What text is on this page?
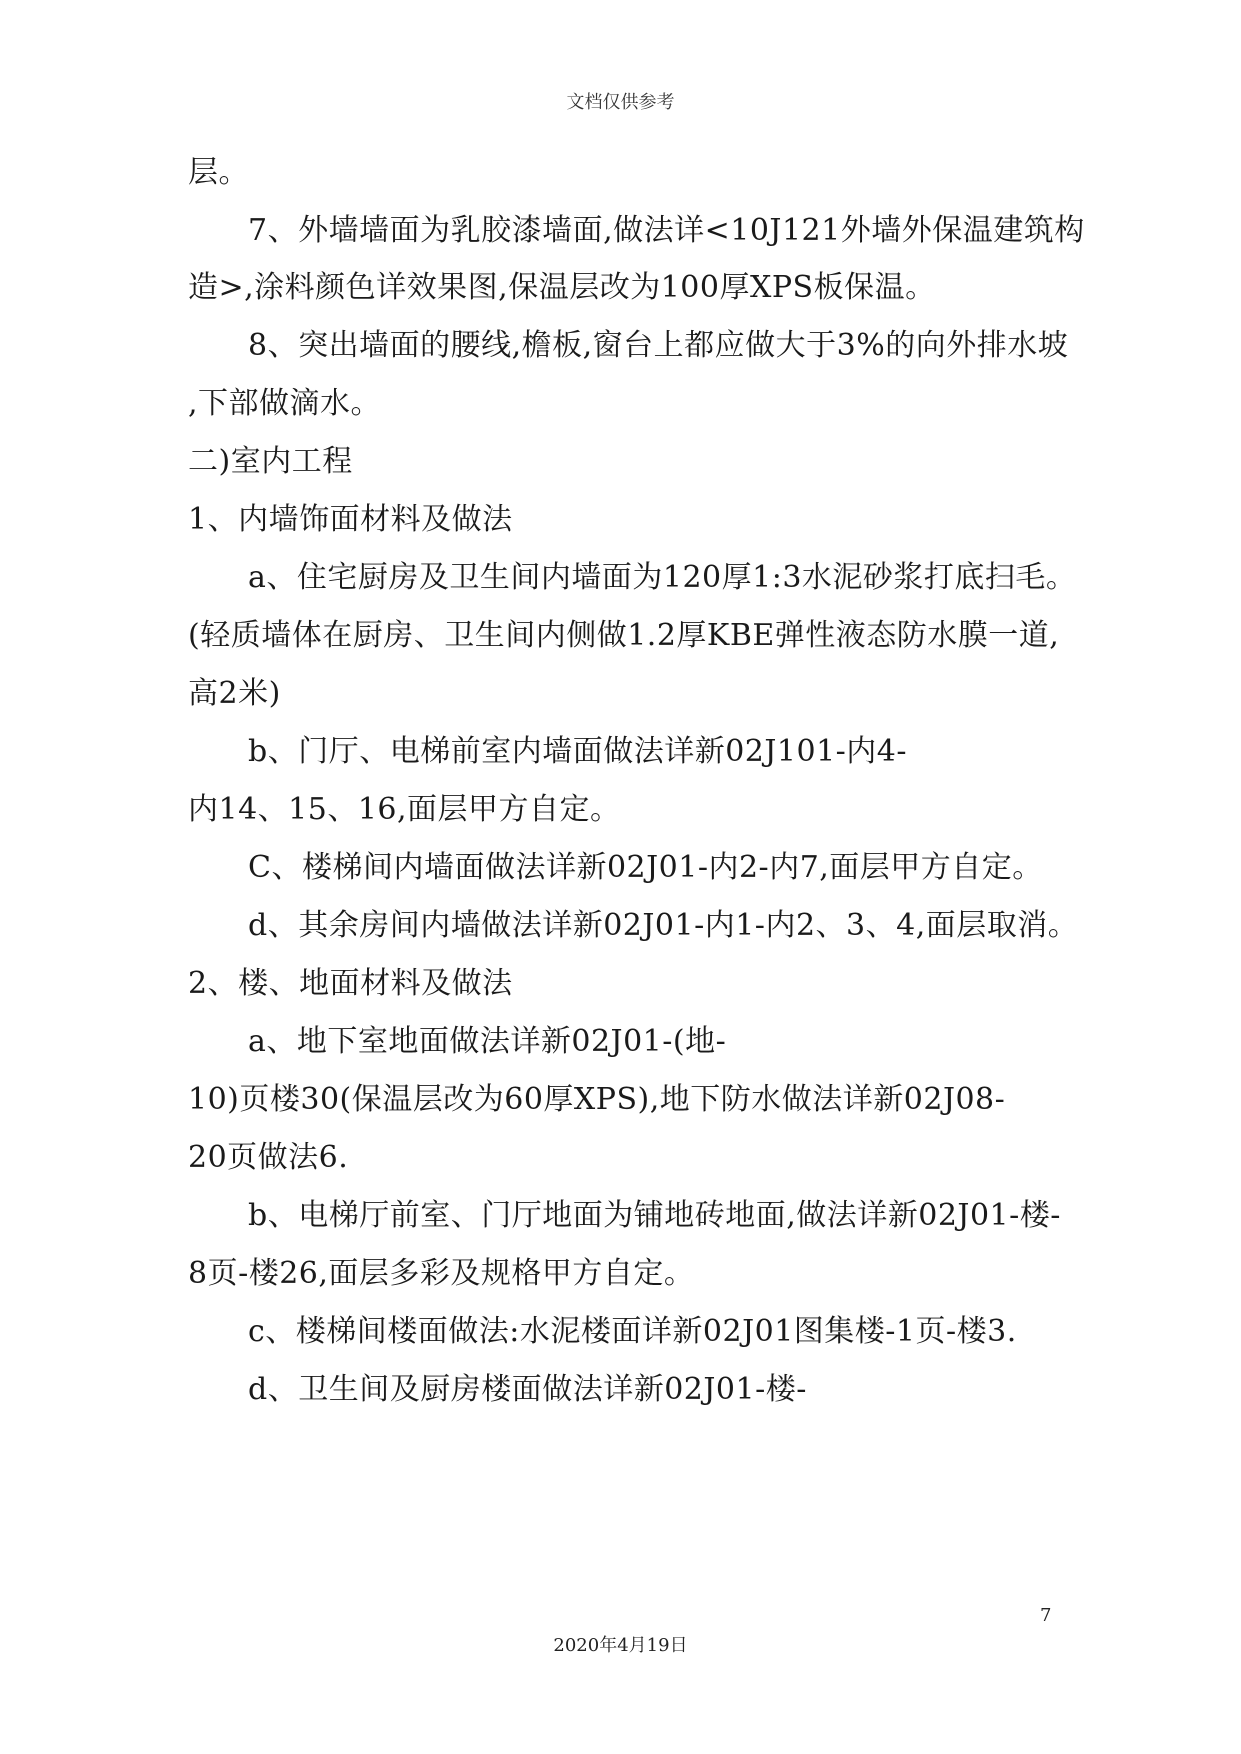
文档仅供参考
层。
7、外墙墙面为乳胶漆墙面,做法详<10J121外墙外保温建筑构
造>,涂料颜色详效果图,保温层改为100厚XPS板保温。
8、突出墙面的腰线,檐板,窗台上都应做大于3%的向外排水坡
,下部做滴水。
二)室内工程
1、内墙饰面材料及做法
a、住宅厨房及卫生间内墙面为120厚1:3水泥砂浆打底扫毛。
(轻质墙体在厨房、卫生间内侧做1.2厚KBE弹性液态防水膜一道,
高2米)
b、门厅、电梯前室内墙面做法详新02J101-内4-
内14、15、16,面层甲方自定。
C、楼梯间内墙面做法详新02J01-内2-内7,面层甲方自定。
d、其余房间内墙做法详新02J01-内1-内2、3、4,面层取消。
2、楼、地面材料及做法
a、地下室地面做法详新02J01-(地-
10)页楼30(保温层改为60厚XPS),地下防水做法详新02J08-
20页做法6.
b、电梯厅前室、门厅地面为铺地砖地面,做法详新02J01-楼-
8页-楼26,面层多彩及规格甲方自定。
c、楼梯间楼面做法:水泥楼面详新02J01图集楼-1页-楼3.
d、卫生间及厨房楼面做法详新02J01-楼-
7
2020年4月19日
